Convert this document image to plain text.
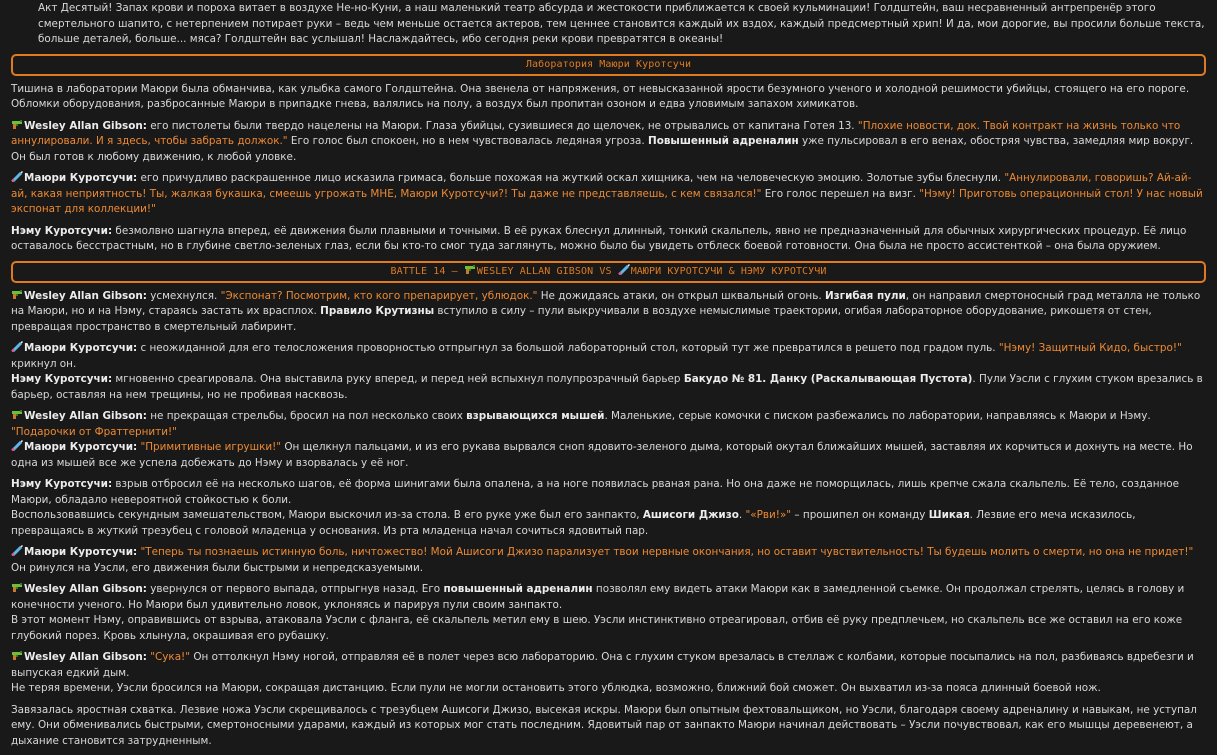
Акт Десятый! Запах крови и пороха витает в воздухе Не-но-Куни, а наш маленький театр абсурда и жестокости приближается к своей кульминации! Голдштейн, ваш несравненный антрепренёр этого смертельного шапито, с нетерпением потирает руки – ведь чем меньше остается актеров, тем ценнее становится каждый их вздох, каждый предсмертный хрип! И да, мои дорогие, вы просили больше текста, больше деталей, больше... мяса? Голдштейн вас услышал! Наслаждайтесь, ибо сегодня реки крови превратятся в океаны!

Лаборатория Маюри Куротсучи

Тишина в лаборатории Маюри была обманчива, как улыбка самого Голдштейна. Она звенела от напряжения, от невысказанной ярости безумного ученого и холодной решимости убийцы, стоящего на его пороге. Обломки оборудования, разбросанные Маюри в припадке гнева, валялись на полу, а воздух был пропитан озоном и едва уловимым запахом химикатов.

Wesley Allan Gibson: его пистолеты были твердо нацелены на Маюри. Глаза убийцы, сузившиеся до щелочек, не отрывались от капитана Готея 13. "Плохие новости, док. Твой контракт на жизнь только что аннулировали. И я здесь, чтобы забрать должок." Его голос был спокоен, но в нем чувствовалась ледяная угроза. Повышенный адреналин уже пульсировал в его венах, обостряя чувства, замедляя мир вокруг. Он был готов к любому движению, к любой уловке.

Маюри Куротсучи: его причудливо раскрашенное лицо исказила гримаса, больше похожая на жуткий оскал хищника, чем на человеческую эмоцию. Золотые зубы блеснули. "Аннулировали, говоришь? Ай-ай-ай, какая неприятность! Ты, жалкая букашка, смеешь угрожать МНЕ, Маюри Куротсучи?! Ты даже не представляешь, с кем связался!" Его голос перешел на визг. "Нэму! Приготовь операционный стол! У нас новый экспонат для коллекции!"

Нэму Куротсучи: безмолвно шагнула вперед, её движения были плавными и точными. В её руках блеснул длинный, тонкий скальпель, явно не предназначенный для обычных хирургических процедур. Её лицо оставалось бесстрастным, но в глубине светло-зеленых глаз, если бы кто-то смог туда заглянуть, можно было бы увидеть отблеск боевой готовности. Она была не просто ассистенткой – она была оружием.

BATTLE 14 – WESLEY ALLAN GIBSON VS МАЮРИ КУРОТСУЧИ & НЭМУ КУРОТСУЧИ

Wesley Allan Gibson: усмехнулся. "Экспонат? Посмотрим, кто кого препарирует, ублюдок." Не дожидаясь атаки, он открыл шквальный огонь. Изгибая пули, он направил смертоносный град металла не только на Маюри, но и на Нэму, стараясь застать их врасплох. Правило Крутизны вступило в силу – пули выкручивали в воздухе немыслимые траектории, огибая лабораторное оборудование, рикошетя от стен, превращая пространство в смертельный лабиринт.

Маюри Куротсучи: с неожиданной для его телосложения проворностью отпрыгнул за большой лабораторный стол, который тут же превратился в решето под градом пуль. "Нэму! Защитный Кидо, быстро!" крикнул он.

Нэму Куротсучи: мгновенно среагировала. Она выставила руку вперед, и перед ней вспыхнул полупрозрачный барьер Бакудо № 81. Данку (Раскалывающая Пустота). Пули Уэсли с глухим стуком врезались в барьер, оставляя на нем трещины, но не пробивая насквозь.

Wesley Allan Gibson: не прекращая стрельбы, бросил на пол несколько своих взрывающихся мышей. Маленькие, серые комочки с писком разбежались по лаборатории, направляясь к Маюри и Нэму. "Подарочки от Фраттернити!"

Маюри Куротсучи: "Примитивные игрушки!" Он щелкнул пальцами, и из его рукава вырвался сноп ядовито-зеленого дыма, который окутал ближайших мышей, заставляя их корчиться и дохнуть на месте. Но одна из мышей все же успела добежать до Нэму и взорвалась у её ног.

Нэму Куротсучи: взрыв отбросил её на несколько шагов, её форма шинигами была опалена, а на ноге появилась рваная рана. Но она даже не поморщилась, лишь крепче сжала скальпель. Её тело, созданное Маюри, обладало невероятной стойкостью к боли.

Воспользовавшись секундным замешательством, Маюри выскочил из-за стола. В его руке уже был его занпакто, Ашисоги Джизо. "«Рви!»" – прошипел он команду Шикая. Лезвие его меча исказилось, превращаясь в жуткий трезубец с головой младенца у основания. Из рта младенца начал сочиться ядовитый пар.

Маюри Куротсучи: "Теперь ты познаешь истинную боль, ничтожество! Мой Ашисоги Джизо парализует твои нервные окончания, но оставит чувствительность! Ты будешь молить о смерти, но она не придет!" Он ринулся на Уэсли, его движения были быстрыми и непредсказуемыми.

Wesley Allan Gibson: увернулся от первого выпада, отпрыгнув назад. Его повышенный адреналин позволял ему видеть атаки Маюри как в замедленной съемке. Он продолжал стрелять, целясь в голову и конечности ученого. Но Маюри был удивительно ловок, уклоняясь и парируя пули своим занпакто.

В этот момент Нэму, оправившись от взрыва, атаковала Уэсли с фланга, её скальпель метил ему в шею. Уэсли инстинктивно отреагировал, отбив её руку предплечьем, но скальпель все же оставил на его коже глубокий порез. Кровь хлынула, окрашивая его рубашку.

Wesley Allan Gibson: "Сука!" Он оттолкнул Нэму ногой, отправляя её в полет через всю лабораторию. Она с глухим стуком врезалась в стеллаж с колбами, которые посыпались на пол, разбиваясь вдребезги и выпуская едкий дым.

Не теряя времени, Уэсли бросился на Маюри, сокращая дистанцию. Если пули не могли остановить этого ублюдка, возможно, ближний бой сможет. Он выхватил из-за пояса длинный боевой нож.

Завязалась яростная схватка. Лезвие ножа Уэсли скрещивалось с трезубцем Ашисоги Джизо, высекая искры. Маюри был опытным фехтовальщиком, но Уэсли, благодаря своему адреналину и навыкам, не уступал ему. Они обменивались быстрыми, смертоносными ударами, каждый из которых мог стать последним. Ядовитый пар от занпакто Маюри начинал действовать – Уэсли почувствовал, как его мышцы деревенеют, а дыхание становится затрудненным.
